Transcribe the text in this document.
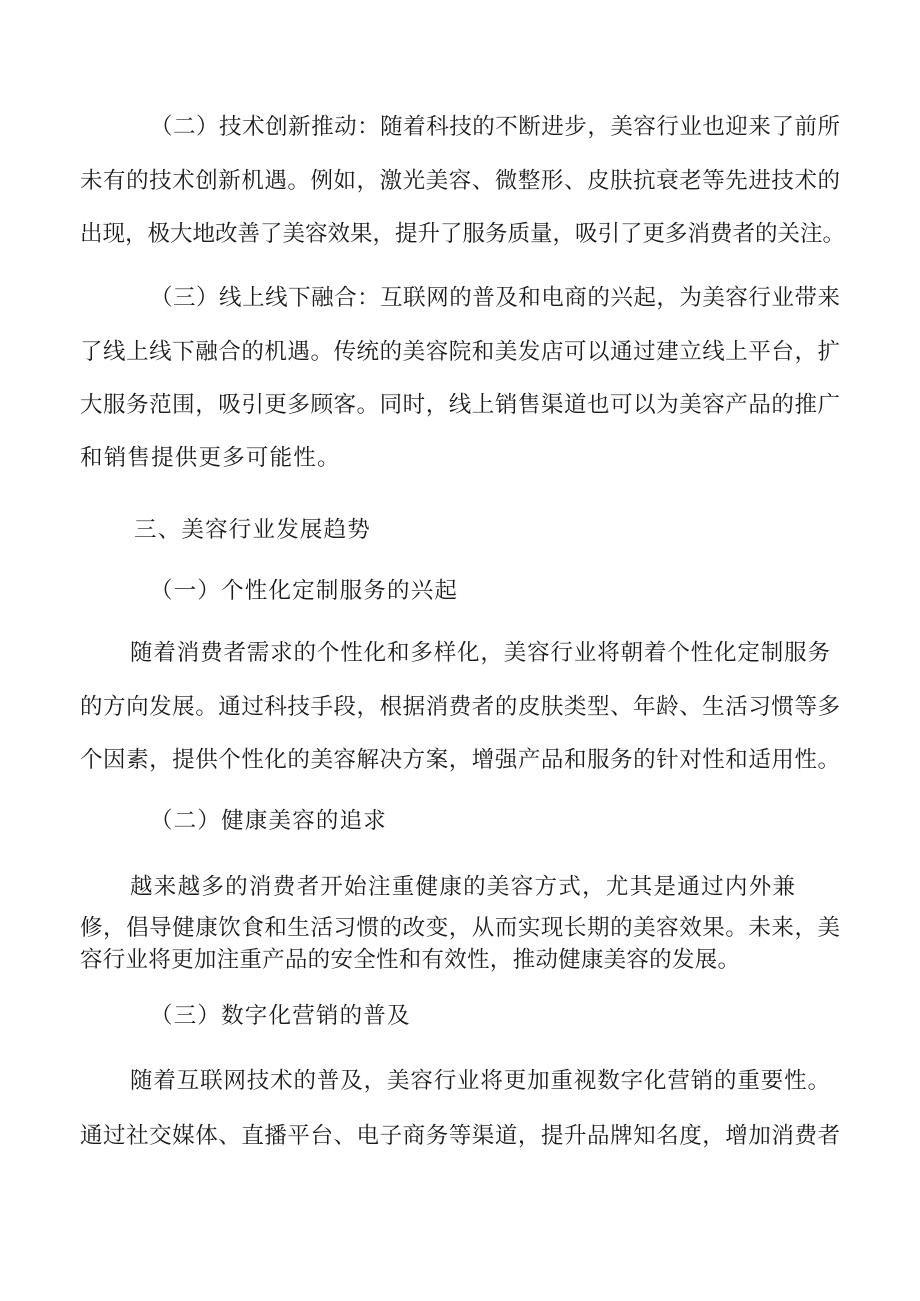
（二）技术创新推动：随着科技的不断进步，美容行业也迎来了前所
未有的技术创新机遇。例如，激光美容、微整形、皮肤抗衰老等先进技术的
出现，极大地改善了美容效果，提升了服务质量，吸引了更多消费者的关注。
（三）线上线下融合：互联网的普及和电商的兴起，为美容行业带来
了线上线下融合的机遇。传统的美容院和美发店可以通过建立线上平台，扩
大服务范围，吸引更多顾客。同时，线上销售渠道也可以为美容产品的推广
和销售提供更多可能性。
三、美容行业发展趋势
（一）个性化定制服务的兴起
随着消费者需求的个性化和多样化，美容行业将朝着个性化定制服务
的方向发展。通过科技手段，根据消费者的皮肤类型、年龄、生活习惯等多
个因素，提供个性化的美容解决方案，增强产品和服务的针对性和适用性。
（二）健康美容的追求
越来越多的消费者开始注重健康的美容方式，尤其是通过内外兼
修，倡导健康饮食和生活习惯的改变，从而实现长期的美容效果。未来，美
容行业将更加注重产品的安全性和有效性，推动健康美容的发展。
（三）数字化营销的普及
随着互联网技术的普及，美容行业将更加重视数字化营销的重要性。
通过社交媒体、直播平台、电子商务等渠道，提升品牌知名度，增加消费者
